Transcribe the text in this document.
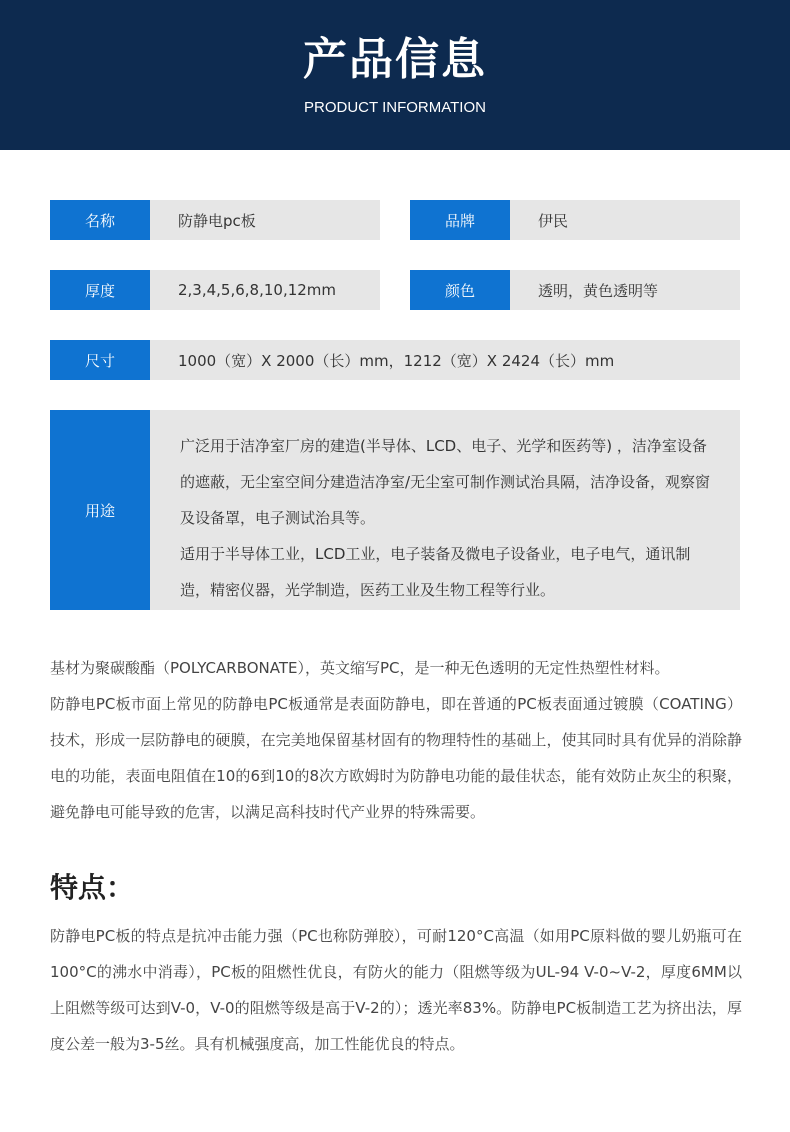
产品信息
PRODUCT INFORMATION
名称	防静电pc板	品牌	伊民
厚度	2,3,4,5,6,8,10,12mm	颜色	透明，黄色透明等
尺寸	1000（宽）X 2000（长）mm，1212（宽）X 2424（长）mm
用途

广泛用于洁净室厂房的建造(半导体、LCD、电子、光学和医药等) ，洁净室设备的遮蔽，无尘室空间分建造洁净室/无尘室可制作测试治具隔，洁净设备，观察窗及设备罩，电子测试治具等。

适用于半导体工业，LCD工业，电子装备及微电子设备业，电子电气，通讯制造，精密仪器，光学制造，医药工业及生物工程等行业。

基材为聚碳酸酯（POLYCARBONATE），英文缩写PC，是一种无色透明的无定性热塑性材料。

防静电PC板市面上常见的防静电PC板通常是表面防静电，即在普通的PC板表面通过镀膜（COATING）技术，形成一层防静电的硬膜，在完美地保留基材固有的物理特性的基础上，使其同时具有优异的消除静电的功能，表面电阻值在10的6到10的8次方欧姆时为防静电功能的最佳状态，能有效防止灰尘的积聚，避免静电可能导致的危害，以满足高科技时代产业界的特殊需要。

特点：

防静电PC板的特点是抗冲击能力强（PC也称防弹胶），可耐120°C高温（如用PC原料做的婴儿奶瓶可在100°C的沸水中消毒），PC板的阻燃性优良，有防火的能力（阻燃等级为UL-94 V-0~V-2，厚度6MM以上阻燃等级可达到V-0，V-0的阻燃等级是高于V-2的）；透光率83%。防静电PC板制造工艺为挤出法，厚度公差一般为3-5丝。具有机械强度高，加工性能优良的特点。
